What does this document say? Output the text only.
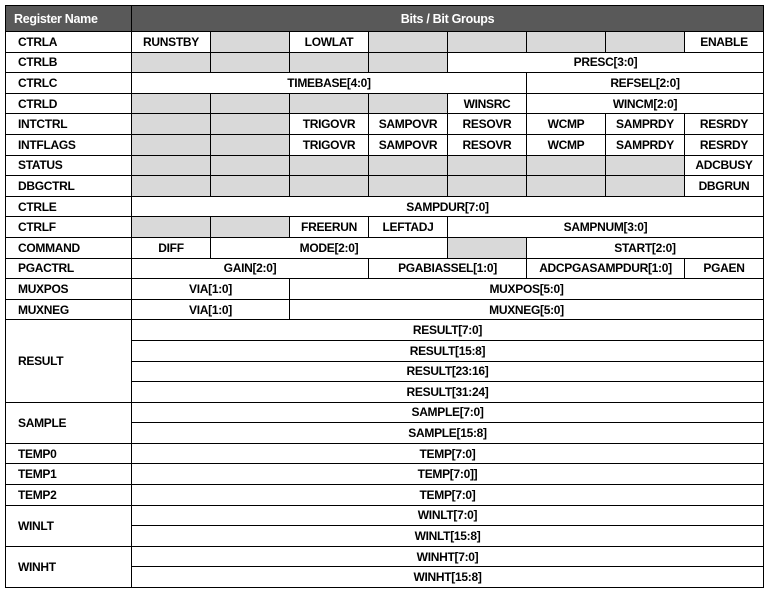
Register Name	Bits / Bit Groups							
CTRLA	RUNSTBY		LOWLAT					ENABLE
CTRLB					PRESC[3:0]			
CTRLC	TIMEBASE[4:0]					REFSEL[2:0]		
CTRLD					WINSRC	WINCM[2:0]		
INTCTRL			TRIGOVR	SAMPOVR	RESOVR	WCMP	SAMPRDY	RESRDY
INTFLAGS			TRIGOVR	SAMPOVR	RESOVR	WCMP	SAMPRDY	RESRDY
STATUS								ADCBUSY
DBGCTRL								DBGRUN
CTRLE	SAMPDUR[7:0]							
CTRLF			FREERUN	LEFTADJ	SAMPNUM[3:0]			
COMMAND	DIFF	MODE[2:0]				START[2:0]		
PGACTRL	GAIN[2:0]			PGABIASSEL[1:0]		ADCPGASAMPDUR[1:0]		PGAEN
MUXPOS	VIA[1:0]		MUXPOS[5:0]					
MUXNEG	VIA[1:0]		MUXNEG[5:0]					
RESULT	RESULT[7:0]							
	RESULT[15:8]							
	RESULT[23:16]							
	RESULT[31:24]							
SAMPLE	SAMPLE[7:0]							
	SAMPLE[15:8]							
TEMP0	TEMP[7:0]							
TEMP1	TEMP[7:0]]							
TEMP2	TEMP[7:0]							
WINLT	WINLT[7:0]							
	WINLT[15:8]							
WINHT	WINHT[7:0]							
	WINHT[15:8]							
